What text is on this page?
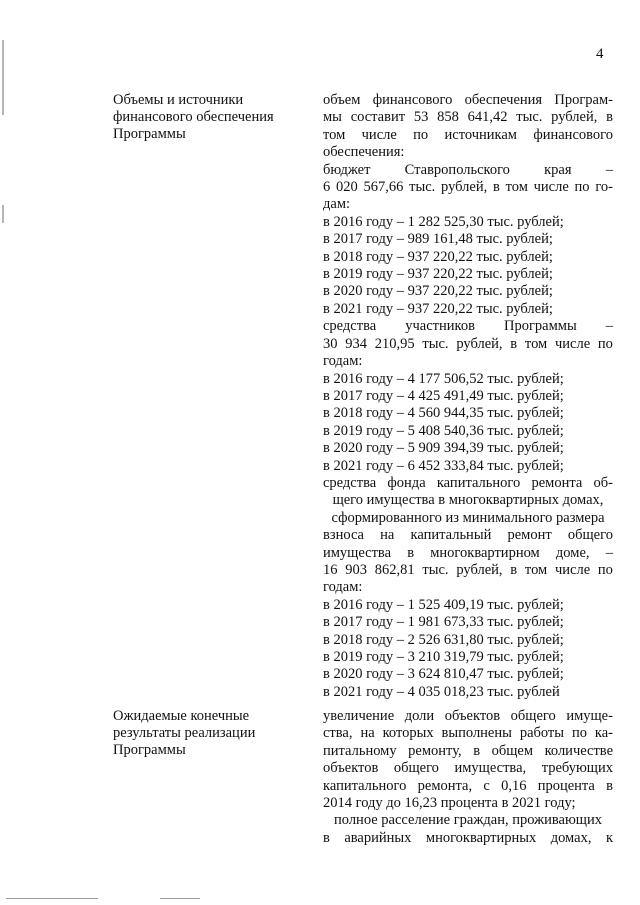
4
Объемы и источники
финансового обеспечения
Программы
объем финансового обеспечения Програм-
мы составит 53 858 641,42 тыс. рублей, в
том числе по источникам финансового
обеспечения:
бюджет Ставропольского края –
6 020 567,66 тыс. рублей, в том числе по го-
дам:
в 2016 году – 1 282 525,30 тыс. рублей;
в 2017 году – 989 161,48 тыс. рублей;
в 2018 году – 937 220,22 тыс. рублей;
в 2019 году – 937 220,22 тыс. рублей;
в 2020 году – 937 220,22 тыс. рублей;
в 2021 году – 937 220,22 тыс. рублей;
средства участников Программы –
30 934 210,95 тыс. рублей, в том числе по
годам:
в 2016 году – 4 177 506,52 тыс. рублей;
в 2017 году – 4 425 491,49 тыс. рублей;
в 2018 году – 4 560 944,35 тыс. рублей;
в 2019 году – 5 408 540,36 тыс. рублей;
в 2020 году – 5 909 394,39 тыс. рублей;
в 2021 году – 6 452 333,84 тыс. рублей;
средства фонда капитального ремонта об-
щего имущества в многоквартирных домах,
сформированного из минимального размера
взноса на капитальный ремонт общего
имущества в многоквартирном доме, –
16 903 862,81 тыс. рублей, в том числе по
годам:
в 2016 году – 1 525 409,19 тыс. рублей;
в 2017 году – 1 981 673,33 тыс. рублей;
в 2018 году – 2 526 631,80 тыс. рублей;
в 2019 году – 3 210 319,79 тыс. рублей;
в 2020 году – 3 624 810,47 тыс. рублей;
в 2021 году – 4 035 018,23 тыс. рублей
Ожидаемые конечные
результаты реализации
Программы
увеличение доли объектов общего имуще-
ства, на которых выполнены работы по ка-
питальному ремонту, в общем количестве
объектов общего имущества, требующих
капитального ремонта, с 0,16 процента в
2014 году до 16,23 процента в 2021 году;
полное расселение граждан, проживающих
в аварийных многоквартирных домах, к
